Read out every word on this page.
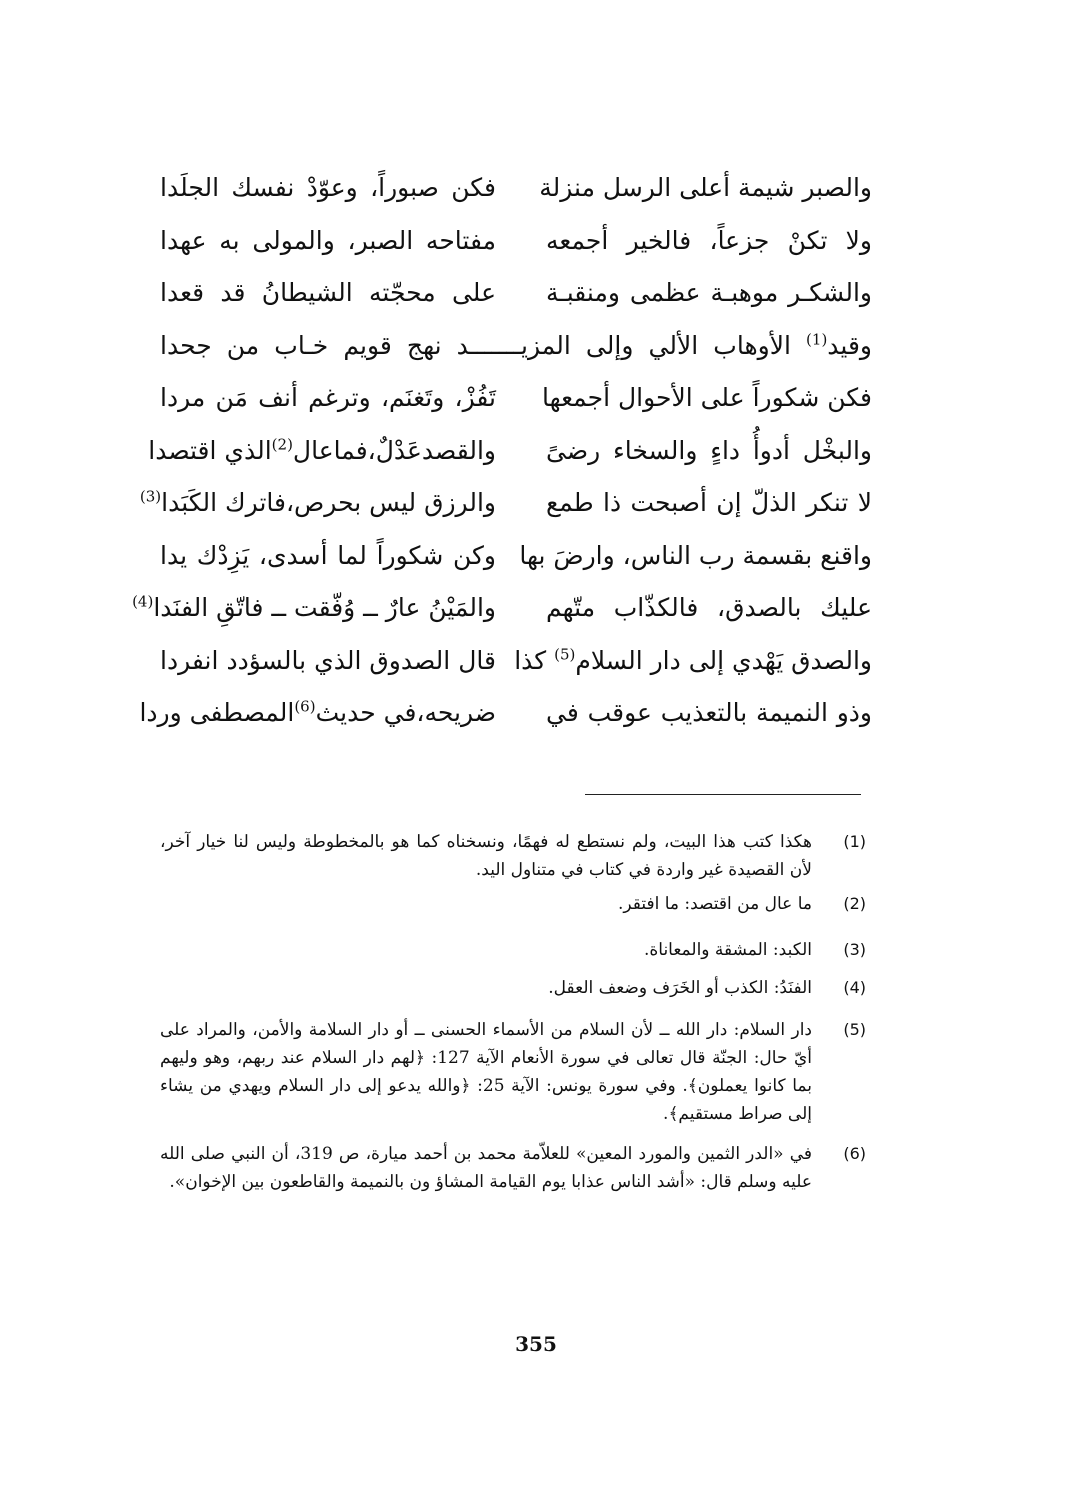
والصبر شيمة أعلى الرسل منزلة
فكن صبوراً، وعوّدْ نفسك الجلَدا
ولا تكنْ جزعاً، فالخير أجمعه
مفتاحه الصبر، والمولى به عهدا
والشكـر موهبـة عظمى ومنقبـة
على محجّته الشيطانُ قد قعدا
وقيد$^{(1)}$ الأوهاب الألي وإلى المزيـــــــد نهج قويم خـاب من جحدا
فكن شكوراً على الأحوال أجمعها
تَفُزْ، وتَغنَم، وترغم أنف مَن مردا
والبخْل أدوأُ داءٍ والسخاء رضىً
والقصدعَدْلٌ،فماعال$^{(2)}$الذي اقتصدا
لا تنكر الذلّ إن أصبحت ذا طمع
والرزق ليس بحرص،فاترك الكَبَدا$^{(3)}$
واقنع بقسمة رب الناس، وارضَ بها
وكن شكوراً لما أسدى، يَزِدْك يدا
عليك بالصدق، فالكذّاب متّهم
والمَيْنُ عارٌ ــ وُفّقت ــ فاتّقِ الفنَدا$^{(4)}$
والصدق يَهْدي إلى دار السلام$^{(5)}$ كذا
قال الصدوق الذي بالسؤدد انفردا
وذو النميمة بالتعذيب عوقب في
ضريحه،في حديث$^{(6)}$المصطفى وردا
(1)
هكذا كتب هذا البيت، ولم نستطع له فهمًا، ونسخناه كما هو بالمخطوطة وليس لنا خيار آخر، لأن القصيدة غير واردة في كتاب في متناول اليد.
(2)
ما عال من اقتصد: ما افتقر.
(3)
الكبد: المشقة والمعاناة.
(4)
الفنَدُ: الكذب أو الخَرَف وضعف العقل.
(5)
دار السلام: دار الله ــ لأن السلام من الأسماء الحسنى ــ أو دار السلامة والأمن، والمراد على أيّ حال: الجنّة قال تعالى في سورة الأنعام الآية 127: ﴿لهم دار السلام عند ربهم، وهو وليهم بما كانوا يعملون﴾. وفي سورة يونس: الآية 25: ﴿والله يدعو إلى دار السلام ويهدي من يشاء إلى صراط مستقيم﴾.
(6)
في «الدر الثمين والمورد المعين» للعلاّمة محمد بن أحمد ميارة، ص 319، أن النبي صلى الله عليه وسلم قال: «أشد الناس عذابا يوم القيامة المشاؤ ون بالنميمة والقاطعون بين الإخوان».
355
